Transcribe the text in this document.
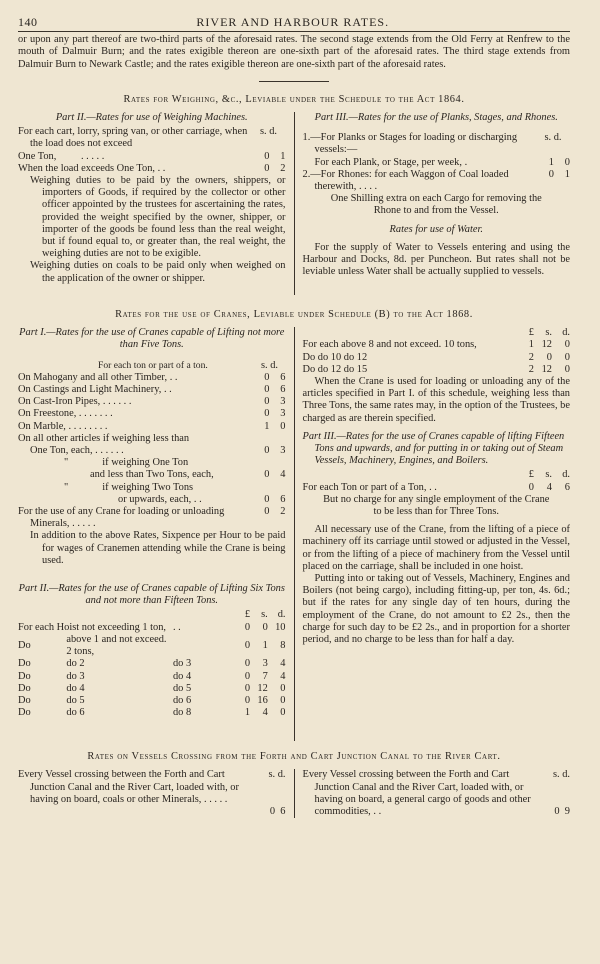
140	RIVER AND HARBOUR RATES.
or upon any part thereof are two-third parts of the aforesaid rates. The second stage extends from the Old Ferry at Renfrew to the mouth of Dalmuir Burn; and the rates exigible thereon are one-sixth part of the aforesaid rates. The third stage extends from Dalmuir Burn to Newark Castle; and the rates exigible thereon are one-sixth part of the aforesaid rates.
Rates for Weighing, &c., Leviable under the Schedule to the Act 1864.
Part II.—Rates for use of Weighing Machines.
For each cart, lorry, spring van, or other carriage, when the load does not exceed
s. d.
One Ton, . . . . .	0	1
When the load exceeds One Ton, . .	0	2
Weighing duties to be paid by the owners, shippers, or importers of Goods, if required by the collector or other officer appointed by the trustees for ascertaining the rates, provided the weight specified by the owner, shipper, or importer of the goods be found less than the real weight, but if found equal to, or greater than, the real weight, the weighing duties are not to be exigible.
Weighing duties on coals to be paid only when weighed on the application of the owner or shipper.
Part III.—Rates for the use of Planks, Stages, and Rhones.
1.—For Planks or Stages for loading or discharging vessels:—
s. d.
For each Plank, or Stage, per week, .	1	0
2.—For Rhones: for each Waggon of Coal loaded therewith, . . . .
0	1
One Shilling extra on each Cargo for removing the Rhone to and from the Vessel.
Rates for use of Water.
For the supply of Water to Vessels entering and using the Harbour and Docks, 8d. per Puncheon. But rates shall not be leviable unless Water shall be actually supplied to vessels.
Rates for the use of Cranes, Leviable under Schedule (B) to the Act 1868.
Part I.—Rates for the use of Cranes capable of Lifting not more than Five Tons.
For each ton or part of a ton.	s. d.
On Mahogany and all other Timber, . .	0	6
On Castings and Light Machinery, . .	0	6
On Cast-Iron Pipes, . . . . . .	0	3
On Freestone, . . . . . . .	0	3
On Marble, . . . . . . . .	1	0
On all other articles if weighing less than
One Ton, each, . . . . . .	0	3
"	if weighing One Ton
and less than Two Tons, each,	0	4
"	if weighing Two Tons
or upwards, each, . .	0	6
For the use of any Crane for loading or unloading Minerals, . . . . .
0	2
In addition to the above Rates, Sixpence per Hour to be paid for wages of Cranemen attending while the Crane is being used.
Part II.—Rates for the use of Cranes capable of Lifting Six Tons and not more than Fifteen Tons.
			£	s.	d.
For each Hoist not exceeding 1 ton,		. .	0	0	10
Do	above 1 and not exceed. 2 tons,		0	1	8
Do	do 2	do 3	0	3	4
Do	do 3	do 4	0	7	4
Do	do 4	do 5	0	12	0
Do	do 5	do 6	0	16	0
Do	do 6	do 8	1	4	0
	£	s.	d.
For each above 8 and not exceed. 10 tons,	1	12	0
Do do 10 do 12	2	0	0
Do do 12 do 15	2	12	0
When the Crane is used for loading or unloading any of the articles specified in Part I. of this schedule, weighing less than Three Tons, the same rates may, in the option of the Trustees, be charged as are therein specified.
Part III.—Rates for the use of Cranes capable of lifting Fifteen Tons and upwards, and for putting in or taking out of Steam Vessels, Machinery, Engines, and Boilers.
£	s. d.
For each Ton or part of a Ton, . .	0	4	6
But no charge for any single employment of the Crane to be less than for Three Tons.
All necessary use of the Crane, from the lifting of a piece of machinery off its carriage until stowed or adjusted in the Vessel, or from the lifting of a piece of machinery from the Vessel until placed on the carriage, shall be included in one hoist.
Putting into or taking out of Vessels, Machinery, Engines and Boilers (not being cargo), including fitting-up, per ton, 4s. 6d.; but if the rates for any single day of ten hours, during the employment of the Crane, do not amount to £2 2s., then the charge for such day to be £2 2s., and in proportion for a shorter period, and no charge to be less than for half a day.
Rates on Vessels Crossing from the Forth and Cart Junction Canal to the River Cart.
Every Vessel crossing between the Forth and Cart Junction Canal and the River Cart, loaded with, or having on board, coals or other Minerals, . . . . .
s. d.
0 6
Every Vessel crossing between the Forth and Cart Junction Canal and the River Cart, loaded with, or having on board, a general cargo of goods and other commodities, . .
s. d.
0 9
